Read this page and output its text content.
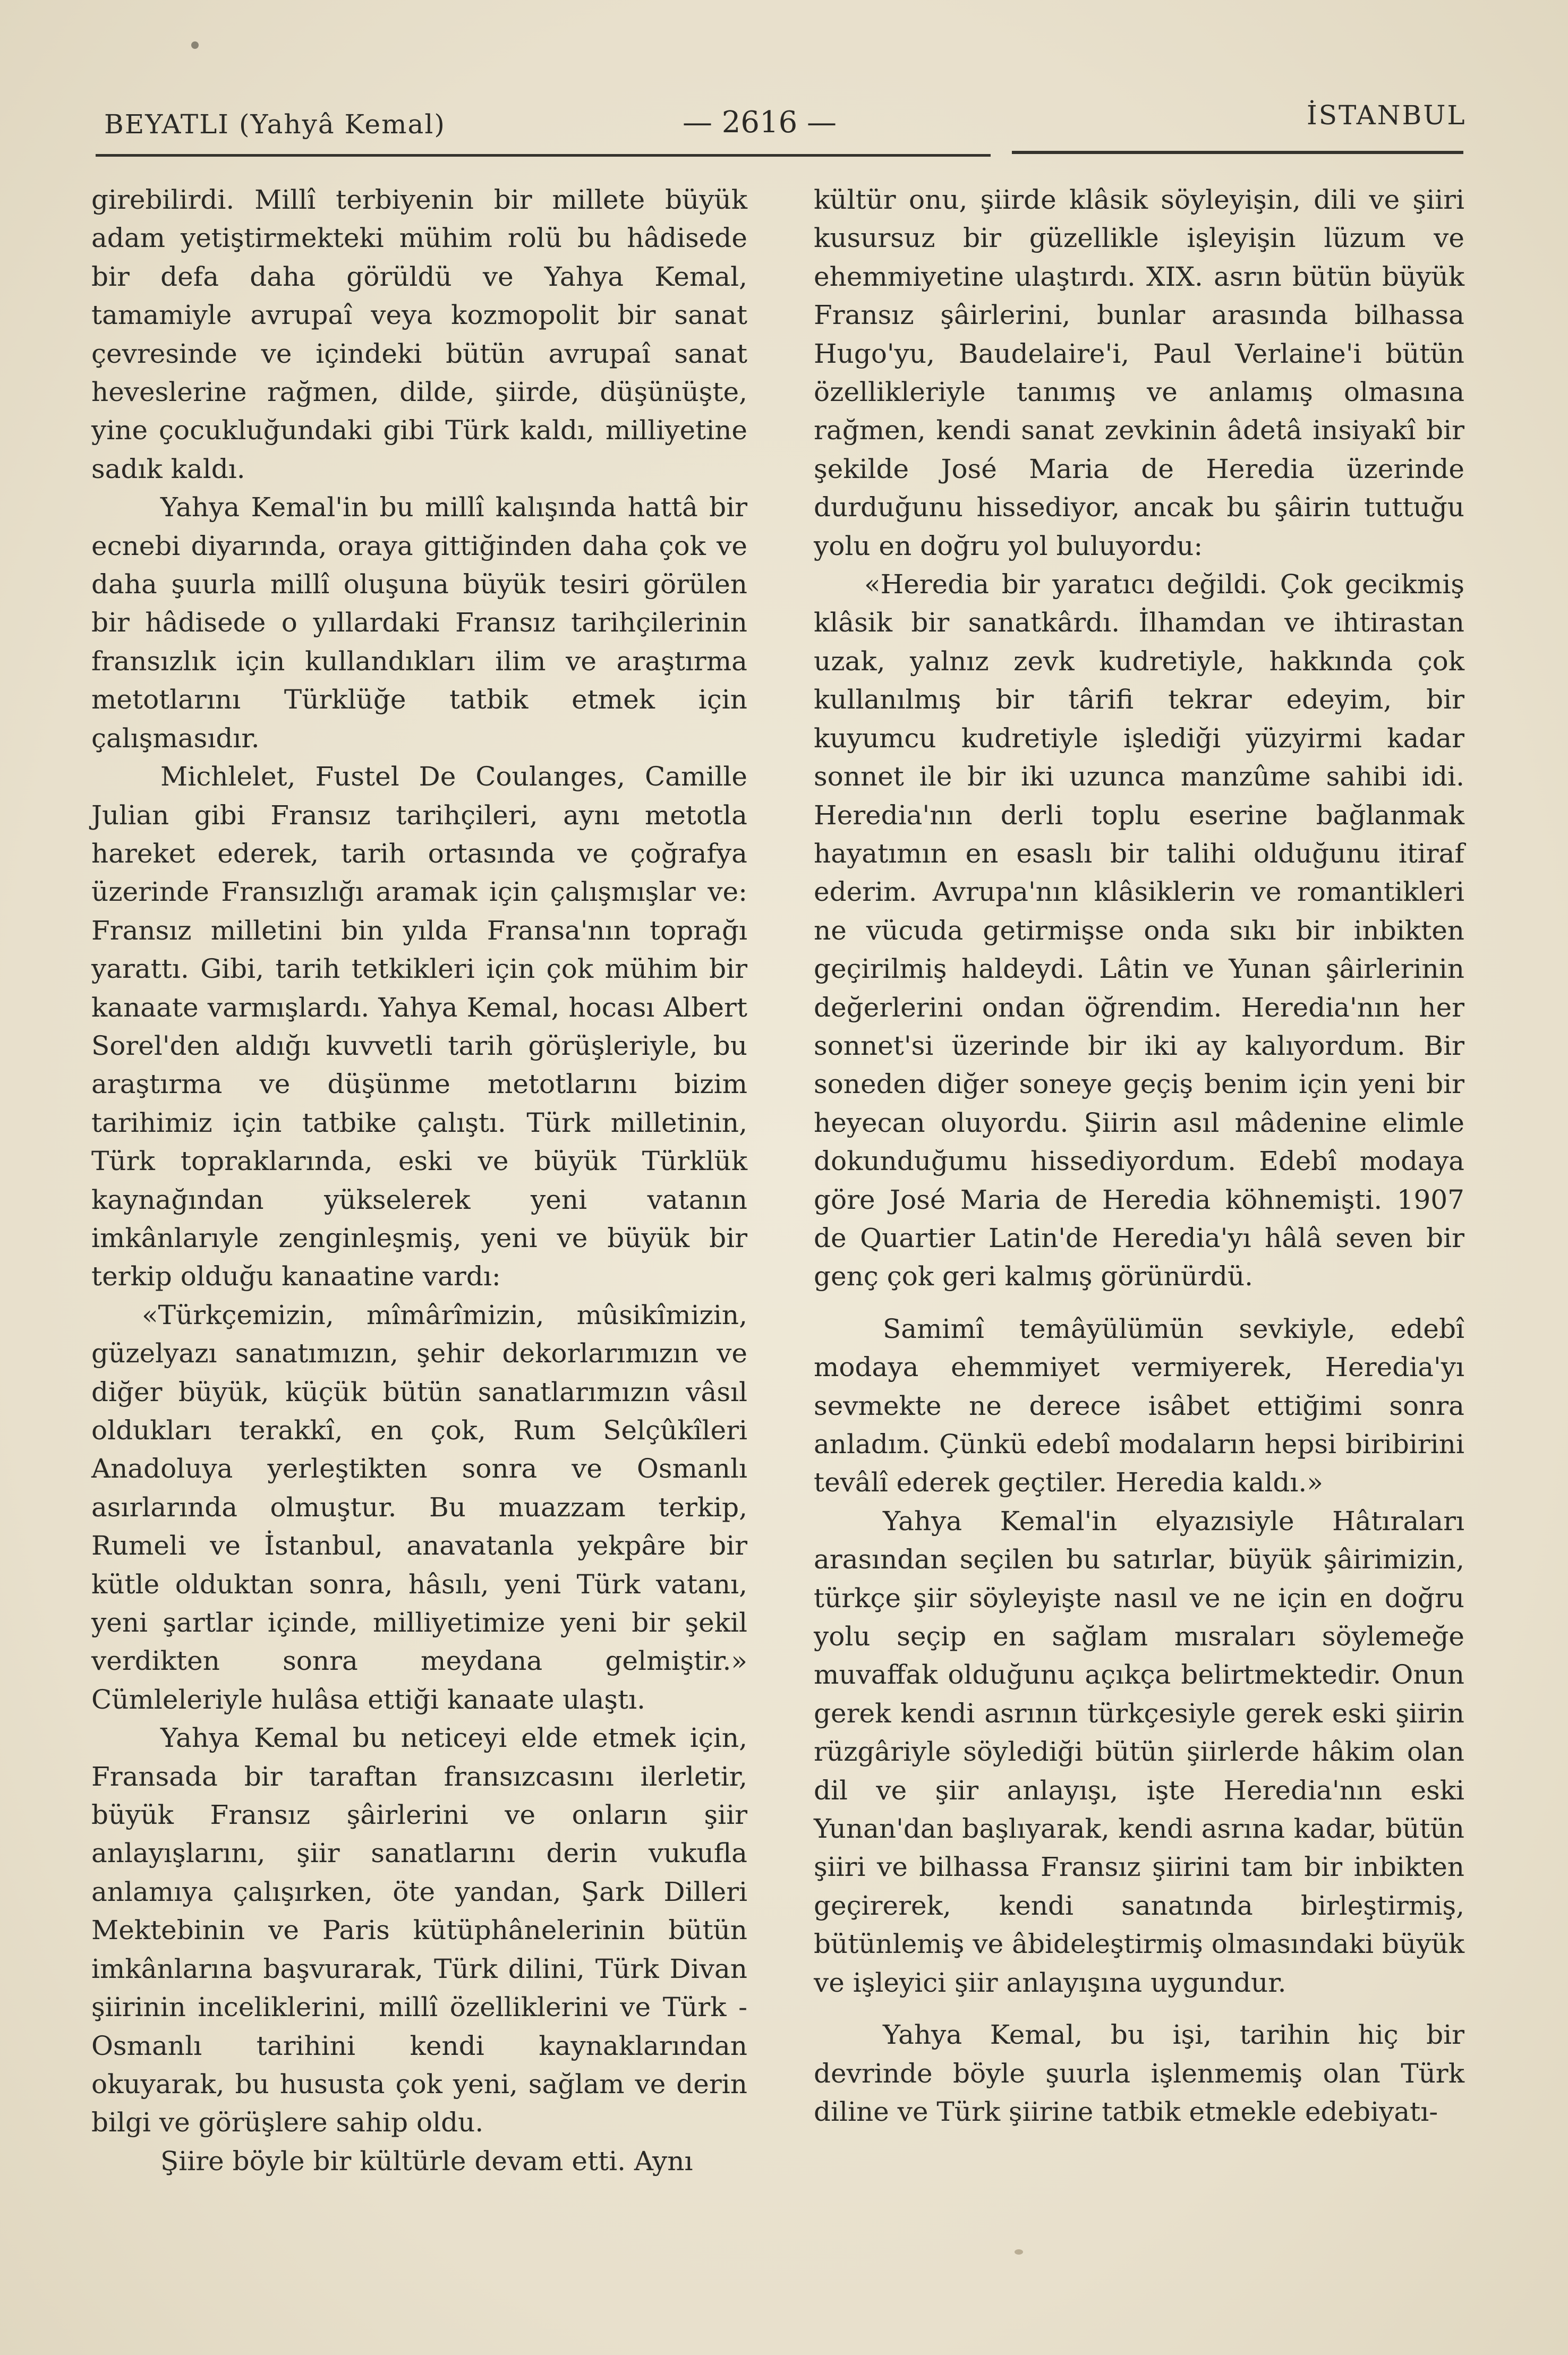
BEYATLI (Yahyâ Kemal)	— 2616 —	İSTANBUL

girebilirdi. Millî terbiyenin bir millete büyük adam yetiştirmekteki mühim rolü bu hâdisede bir defa daha görüldü ve Yahya Kemal, tamamiyle avrupaî veya kozmopolit bir sanat çevresinde ve içindeki bütün avrupaî sanat heveslerine rağmen, dilde, şiirde, düşünüşte, yine çocukluğundaki gibi Türk kaldı, milliyetine sadık kaldı.

Yahya Kemal'in bu millî kalışında hattâ bir ecnebi diyarında, oraya gittiğinden daha çok ve daha şuurla millî oluşuna büyük tesiri görülen bir hâdisede o yıllardaki Fransız tarihçilerinin fransızlık için kullandıkları ilim ve araştırma metotlarını Türklüğe tatbik etmek için çalışmasıdır.

Michlelet, Fustel De Coulanges, Camille Julian gibi Fransız tarihçileri, aynı metotla hareket ederek, tarih ortasında ve çoğrafya üzerinde Fransızlığı aramak için çalışmışlar ve: Fransız milletini bin yılda Fransa'nın toprağı yarattı. Gibi, tarih tetkikleri için çok mühim bir kanaate varmışlardı. Yahya Kemal, hocası Albert Sorel'den aldığı kuvvetli tarih görüşleriyle, bu araştırma ve düşünme metotlarını bizim tarihimiz için tatbike çalıştı. Türk milletinin, Türk topraklarında, eski ve büyük Türklük kaynağından yükselerek yeni vatanın imkânlarıyle zenginleşmiş, yeni ve büyük bir terkip olduğu kanaatine vardı:

«Türkçemizin, mîmârîmizin, mûsikîmizin, güzelyazı sanatımızın, şehir dekorlarımızın ve diğer büyük, küçük bütün sanatlarımızın vâsıl oldukları terakkî, en çok, Rum Selçûkîleri Anadoluya yerleştikten sonra ve Osmanlı asırlarında olmuştur. Bu muazzam terkip, Rumeli ve İstanbul, anavatanla yekpâre bir kütle olduktan sonra, hâsılı, yeni Türk vatanı, yeni şartlar içinde, milliyetimize yeni bir şekil verdikten sonra meydana gelmiştir.» Cümleleriyle hulâsa ettiği kanaate ulaştı.

Yahya Kemal bu neticeyi elde etmek için, Fransada bir taraftan fransızcasını ilerletir, büyük Fransız şâirlerini ve onların şiir anlayışlarını, şiir sanatlarını derin vukufla anlamıya çalışırken, öte yandan, Şark Dilleri Mektebinin ve Paris kütüphânelerinin bütün imkânlarına başvurarak, Türk dilini, Türk Divan şiirinin inceliklerini, millî özelliklerini ve Türk - Osmanlı tarihini kendi kaynaklarından okuyarak, bu hususta çok yeni, sağlam ve derin bilgi ve görüşlere sahip oldu.

Şiire böyle bir kültürle devam etti. Aynı

kültür onu, şiirde klâsik söyleyişin, dili ve şiiri kusursuz bir güzellikle işleyişin lüzum ve ehemmiyetine ulaştırdı. XIX. asrın bütün büyük Fransız şâirlerini, bunlar arasında bilhassa Hugo'yu, Baudelaire'i, Paul Verlaine'i bütün özellikleriyle tanımış ve anlamış olmasına rağmen, kendi sanat zevkinin âdetâ insiyakî bir şekilde José Maria de Heredia üzerinde durduğunu hissediyor, ancak bu şâirin tuttuğu yolu en doğru yol buluyordu:

«Heredia bir yaratıcı değildi. Çok gecikmiş klâsik bir sanatkârdı. İlhamdan ve ihtirastan uzak, yalnız zevk kudretiyle, hakkında çok kullanılmış bir târifi tekrar edeyim, bir kuyumcu kudretiyle işlediği yüzyirmi kadar sonnet ile bir iki uzunca manzûme sahibi idi. Heredia'nın derli toplu eserine bağlanmak hayatımın en esaslı bir talihi olduğunu itiraf ederim. Avrupa'nın klâsiklerin ve romantikleri ne vücuda getirmişse onda sıkı bir inbikten geçirilmiş haldeydi. Lâtin ve Yunan şâirlerinin değerlerini ondan öğrendim. Heredia'nın her sonnet'si üzerinde bir iki ay kalıyordum. Bir soneden diğer soneye geçiş benim için yeni bir heyecan oluyordu. Şiirin asıl mâdenine elimle dokunduğumu hissediyordum. Edebî modaya göre José Maria de Heredia köhnemişti. 1907 de Quartier Latin'de Heredia'yı hâlâ seven bir genç çok geri kalmış görünürdü.

Samimî temâyülümün sevkiyle, edebî modaya ehemmiyet vermiyerek, Heredia'yı sevmekte ne derece isâbet ettiğimi sonra anladım. Çünkü edebî modaların hepsi biribirini tevâlî ederek geçtiler. Heredia kaldı.»

Yahya Kemal'in elyazısiyle Hâtıraları arasından seçilen bu satırlar, büyük şâirimizin, türkçe şiir söyleyişte nasıl ve ne için en doğru yolu seçip en sağlam mısraları söylemeğe muvaffak olduğunu açıkça belirtmektedir. Onun gerek kendi asrının türkçesiyle gerek eski şiirin rüzgâriyle söylediği bütün şiirlerde hâkim olan dil ve şiir anlayışı, işte Heredia'nın eski Yunan'dan başlıyarak, kendi asrına kadar, bütün şiiri ve bilhassa Fransız şiirini tam bir inbikten geçirerek, kendi sanatında birleştirmiş, bütünlemiş ve âbideleştirmiş olmasındaki büyük ve işleyici şiir anlayışına uygundur.

Yahya Kemal, bu işi, tarihin hiç bir devrinde böyle şuurla işlenmemiş olan Türk diline ve Türk şiirine tatbik etmekle edebiyatı-
